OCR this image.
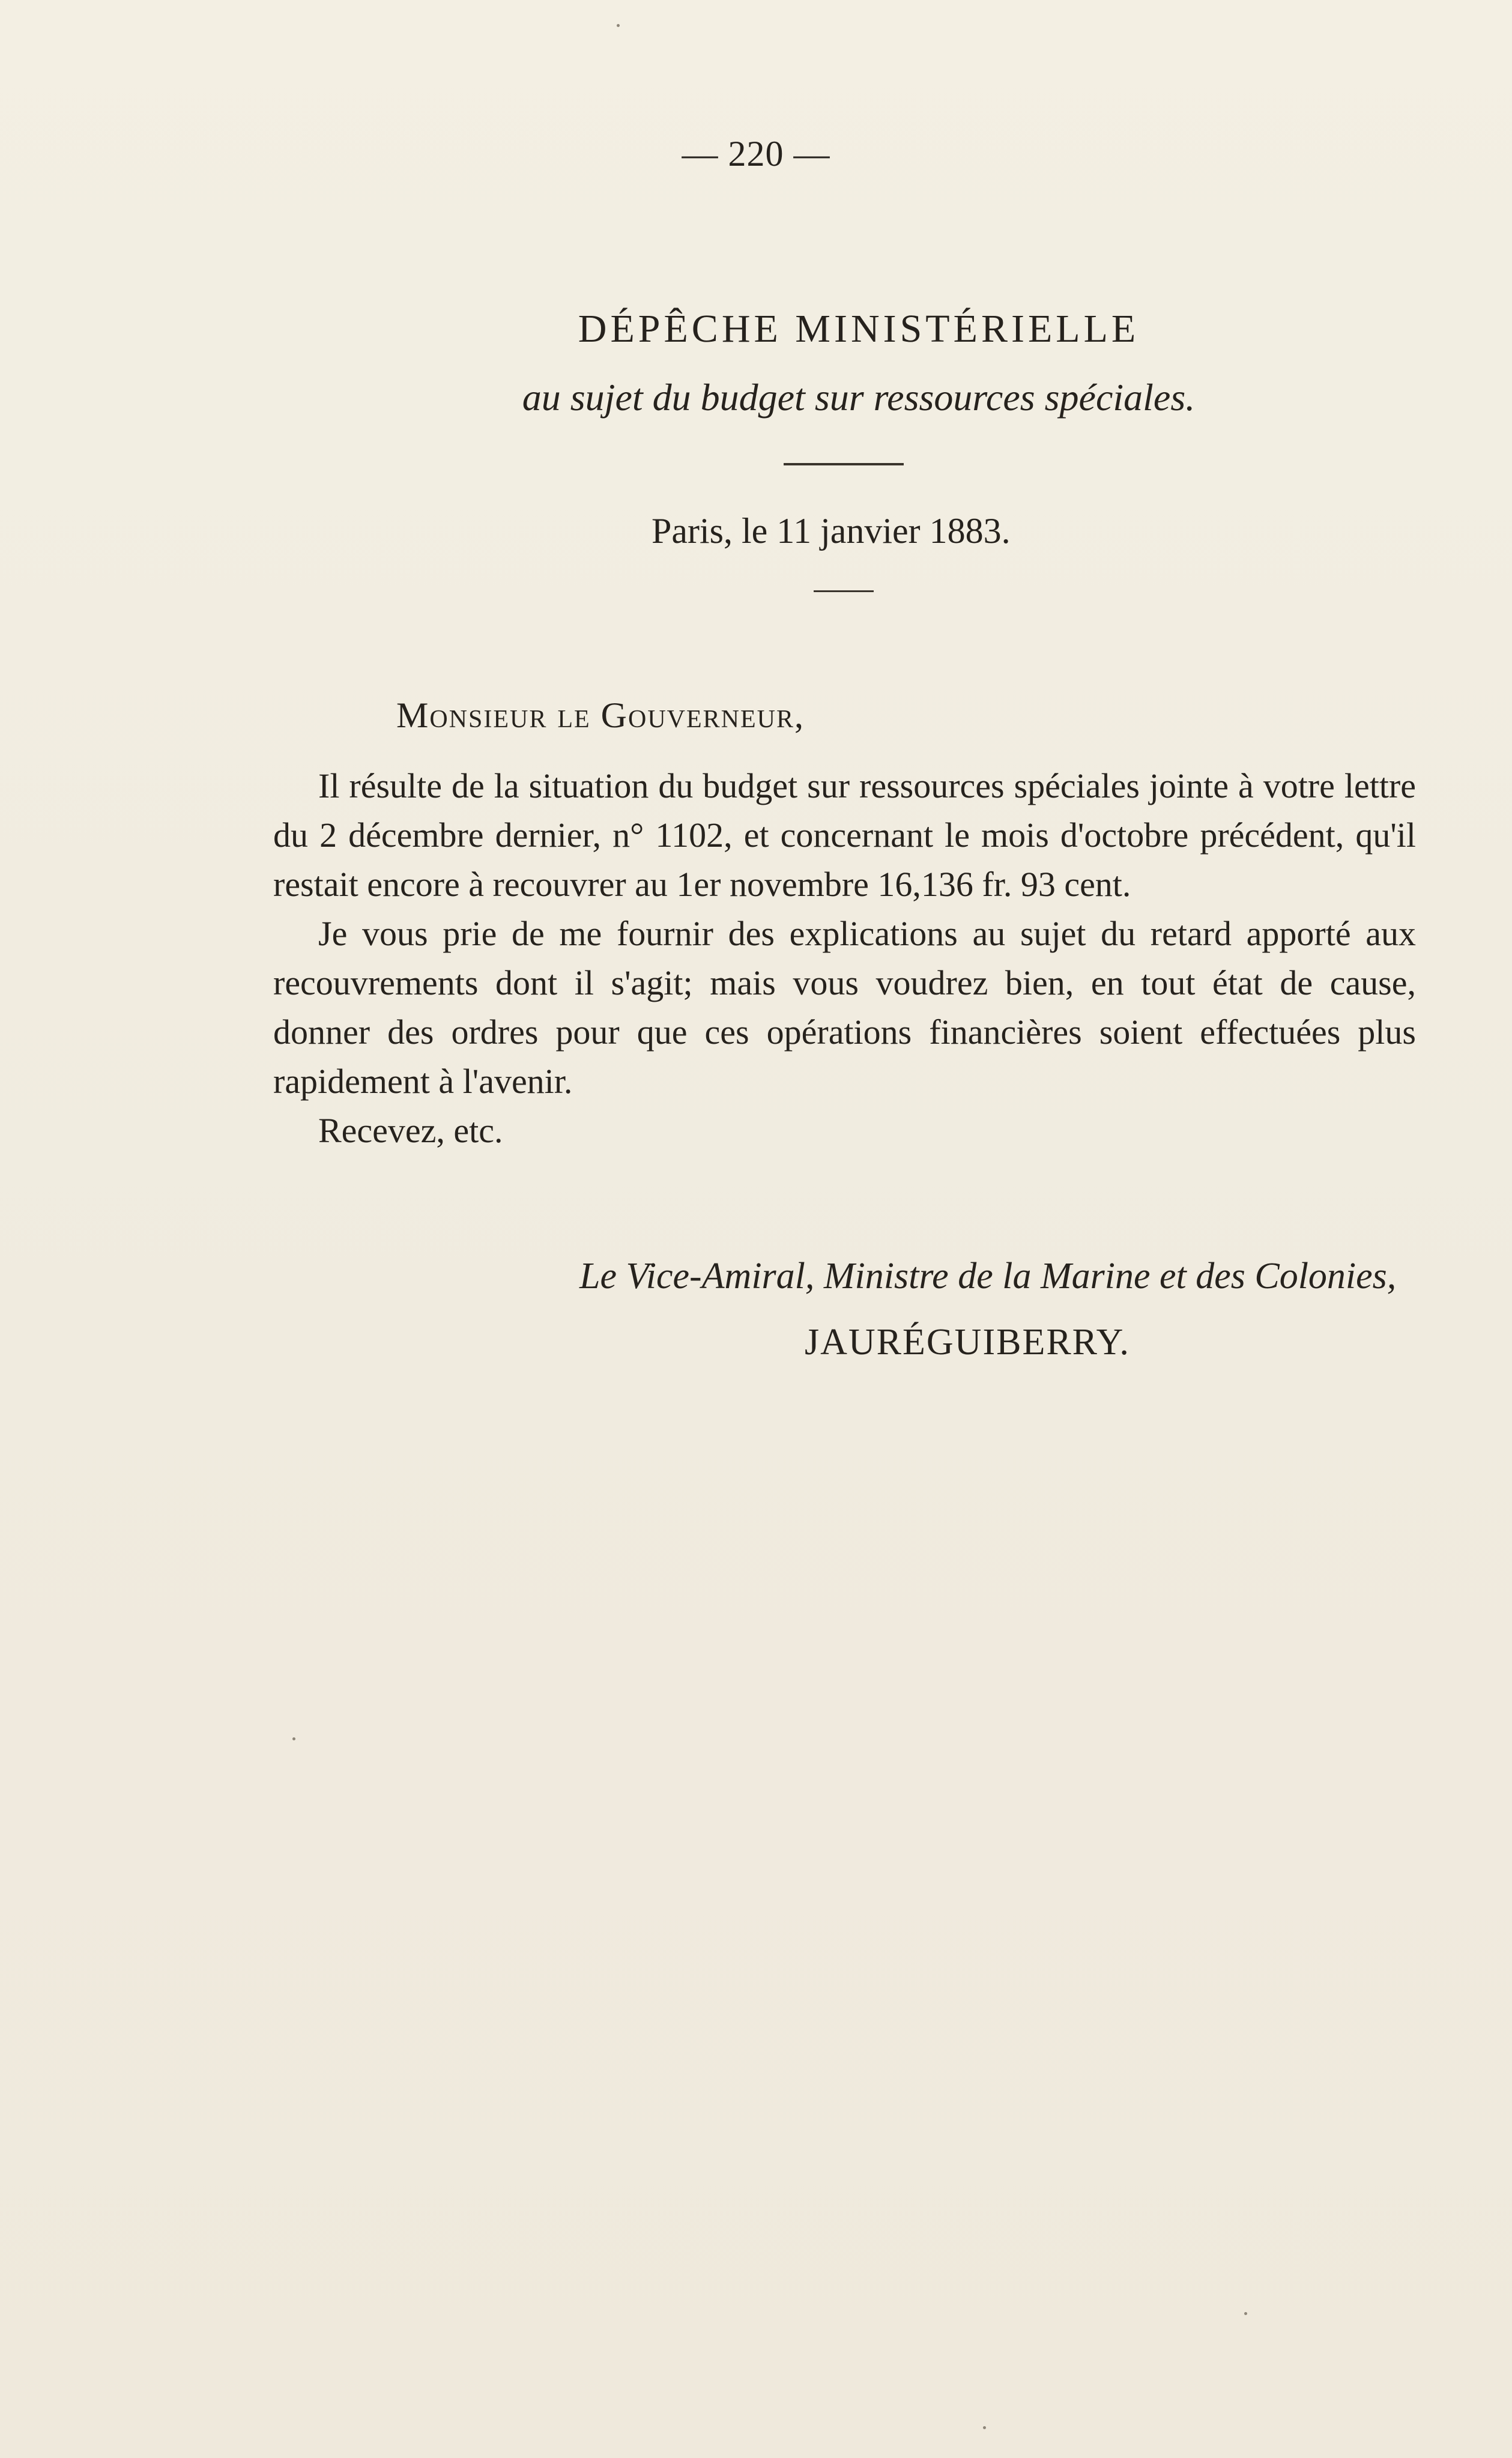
— 220 —
DÉPÊCHE MINISTÉRIELLE
au sujet du budget sur ressources spéciales.
Paris, le 11 janvier 1883.
Monsieur le Gouverneur,

Il résulte de la situation du budget sur ressources spéciales jointe à votre lettre du 2 décembre dernier, n° 1102, et concernant le mois d'octobre précédent, qu'il restait encore à recouvrer au 1er novembre 16,136 fr. 93 cent.

Je vous prie de me fournir des explications au sujet du retard apporté aux recouvrements dont il s'agit; mais vous voudrez bien, en tout état de cause, donner des ordres pour que ces opérations financières soient effectuées plus rapidement à l'avenir.

Recevez, etc.

Le Vice-Amiral, Ministre de la Marine et des Colonies,
JAURÉGUIBERRY.
